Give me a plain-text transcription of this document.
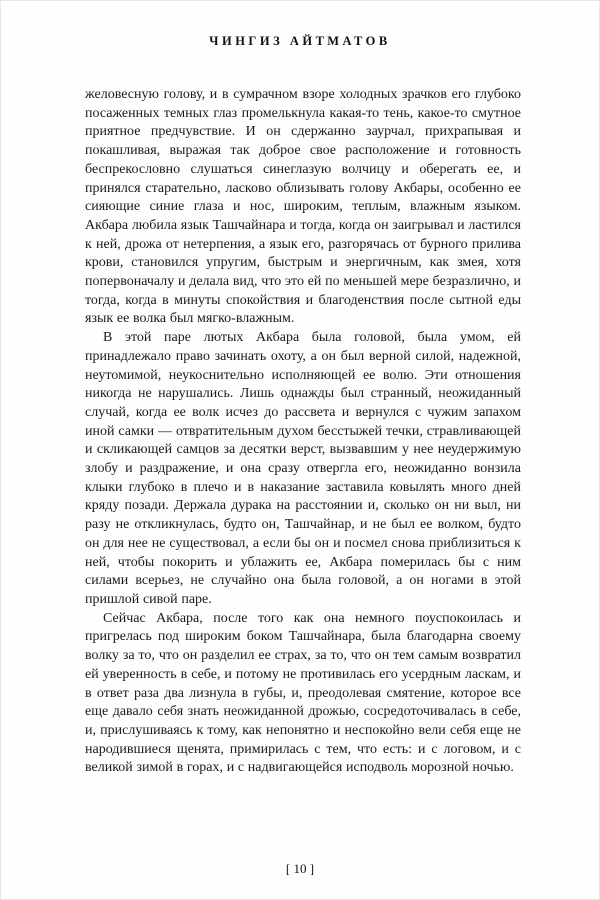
ЧИНГИЗ АЙТМАТОВ

желовесную голову, и в сумрачном взоре холодных зрачков его глубоко посаженных темных глаз промелькнула какая-то тень, какое-то смутное приятное предчувствие. И он сдержанно заурчал, прихрапывая и покашливая, выражая так доброе свое расположение и готовность беспрекословно слушаться синеглазую волчицу и оберегать ее, и принялся старательно, ласково облизывать голову Акбары, особенно ее сияющие синие глаза и нос, широким, теплым, влажным языком. Акбара любила язык Ташчайнара и тогда, когда он заигрывал и ластился к ней, дрожа от нетерпения, а язык его, разгорячась от бурного прилива крови, становился упругим, быстрым и энергичным, как змея, хотя попервоначалу и делала вид, что это ей по меньшей мере безразлично, и тогда, когда в минуты спокойствия и благоденствия после сытной еды язык ее волка был мягко-влажным.

В этой паре лютых Акбара была головой, была умом, ей принадлежало право зачинать охоту, а он был верной силой, надежной, неутомимой, неукоснительно исполняющей ее волю. Эти отношения никогда не нарушались. Лишь однажды был странный, неожиданный случай, когда ее волк исчез до рассвета и вернулся с чужим запахом иной самки — отвратительным духом бесстыжей течки, стравливающей и скликающей самцов за десятки верст, вызвавшим у нее неудержимую злобу и раздражение, и она сразу отвергла его, неожиданно вонзила клыки глубоко в плечо и в наказание заставила ковылять много дней кряду позади. Держала дурака на расстоянии и, сколько он ни выл, ни разу не откликнулась, будто он, Ташчайнар, и не был ее волком, будто он для нее не существовал, а если бы он и посмел снова приблизиться к ней, чтобы покорить и ублажить ее, Акбара померилась бы с ним силами всерьез, не случайно она была головой, а он ногами в этой пришлой сивой паре.

Сейчас Акбара, после того как она немного поуспокоилась и пригрелась под широким боком Ташчайнара, была благодарна своему волку за то, что он разделил ее страх, за то, что он тем самым возвратил ей уверенность в себе, и потому не противилась его усердным ласкам, и в ответ раза два лизнула в губы, и, преодолевая смятение, которое все еще давало себя знать неожиданной дрожью, сосредоточивалась в себе, и, прислушиваясь к тому, как непонятно и неспокойно вели себя еще не народившиеся щенята, примирилась с тем, что есть: и с логовом, и с великой зимой в горах, и с надвигающейся исподволь морозной ночью.

[ 10 ]
